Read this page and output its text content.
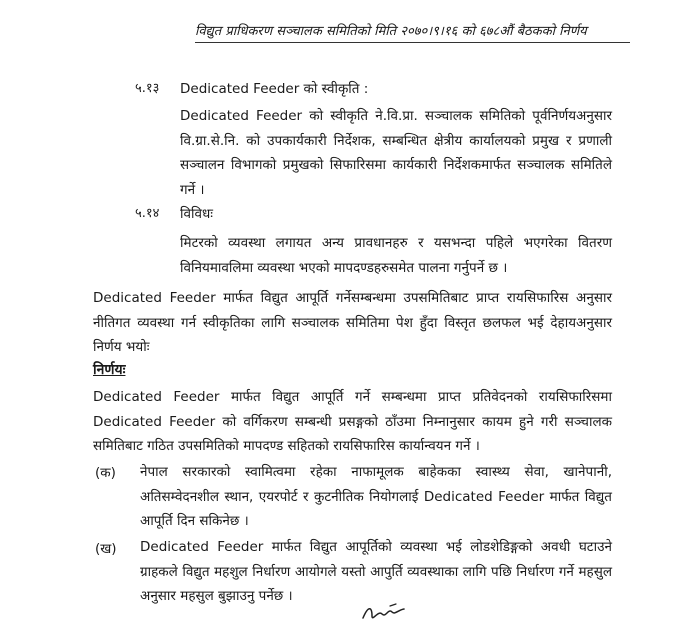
विद्युत प्राधिकरण सञ्चालक समितिको मिति २०७०।९।१६ को ६७८औं बैठकको निर्णय
५.१३ Dedicated Feeder को स्वीकृति :

Dedicated Feeder को स्वीकृति ने.वि.प्रा. सञ्चालक समितिको पूर्वनिर्णयअनुसार वि.ग्रा.से.नि. को उपकार्यकारी निर्देशक, सम्बन्धित क्षेत्रीय कार्यालयको प्रमुख र प्रणाली सञ्चालन विभागको प्रमुखको सिफारिसमा कार्यकारी निर्देशकमार्फत सञ्चालक समितिले गर्ने ।

५.१४ विविधः

मिटरको व्यवस्था लगायत अन्य प्रावधानहरु र यसभन्दा पहिले भएगरेका वितरण विनियमावलिमा व्यवस्था भएको मापदण्डहरुसमेत पालना गर्नुपर्ने छ ।

Dedicated Feeder मार्फत विद्युत आपूर्ति गर्नेसम्बन्धमा उपसमितिबाट प्राप्त रायसिफारिस अनुसार नीतिगत व्यवस्था गर्न स्वीकृतिका लागि सञ्चालक समितिमा पेश हुँदा विस्तृत छलफल भई देहायअनुसार निर्णय भयोः

निर्णयः

Dedicated Feeder मार्फत विद्युत आपूर्ति गर्ने सम्बन्धमा प्राप्त प्रतिवेदनको रायसिफारिसमा Dedicated Feeder को वर्गिकरण सम्बन्धी प्रसङ्गको ठाँउमा निम्नानुसार कायम हुने गरी सञ्चालक समितिबाट गठित उपसमितिको मापदण्ड सहितको रायसिफारिस कार्यान्वयन गर्ने ।

(क) नेपाल सरकारको स्वामित्वमा रहेका नाफामूलक बाहेकका स्वास्थ्य सेवा, खानेपानी, अतिसम्वेदनशील स्थान, एयरपोर्ट र कुटनीतिक नियोगलाई Dedicated Feeder मार्फत विद्युत आपूर्ति दिन सकिनेछ ।

(ख) Dedicated Feeder मार्फत विद्युत आपूर्तिको व्यवस्था भई लोडशेडिङ्गको अवधी घटाउने ग्राहकले विद्युत महशुल निर्धारण आयोगले यस्तो आपुर्ति व्यवस्थाका लागि पछि निर्धारण गर्ने महसुल अनुसार महसुल बुझाउनु पर्नेछ ।
